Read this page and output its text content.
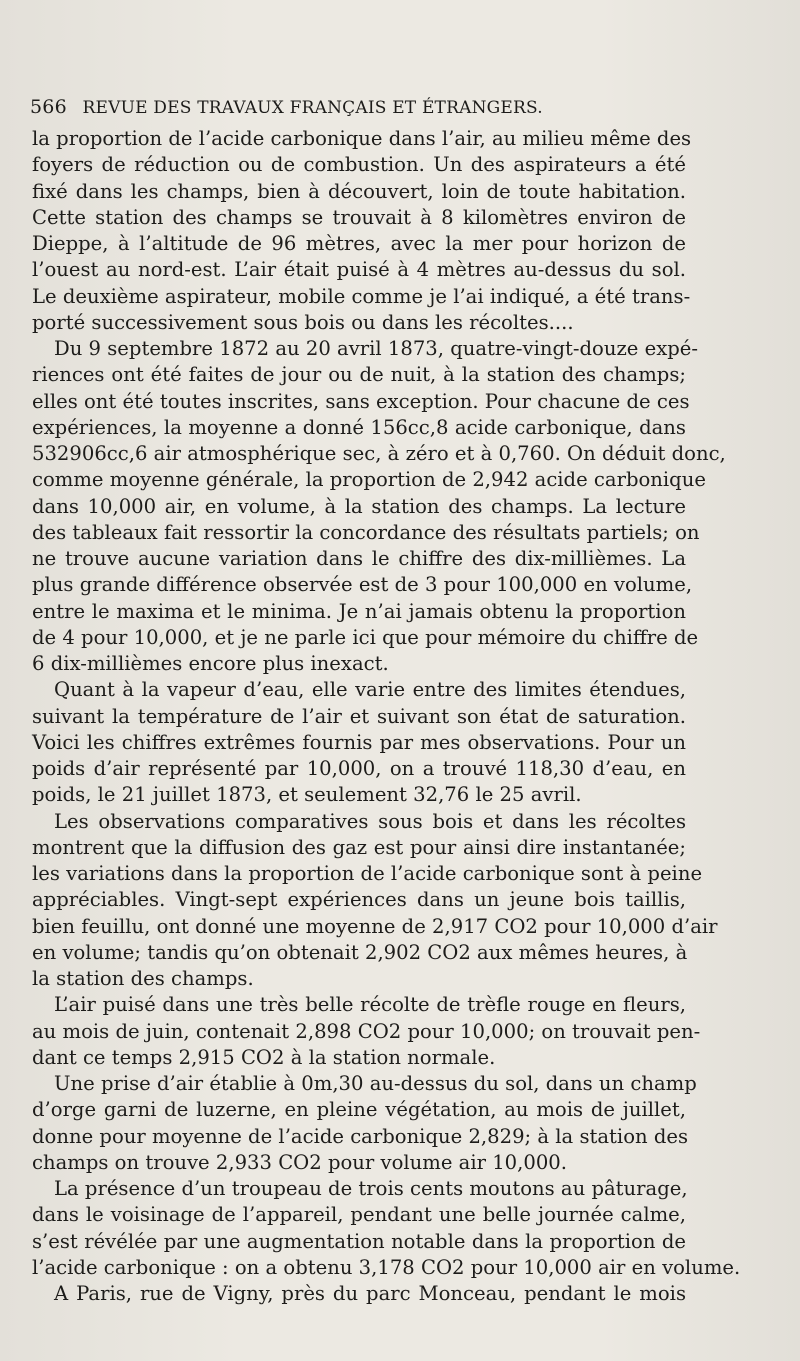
566 REVUE DES TRAVAUX FRANÇAIS ET ÉTRANGERS.
la proportion de l’acide carbonique dans l’air, au milieu même des
foyers de réduction ou de combustion. Un des aspirateurs a été
fixé dans les champs, bien à découvert, loin de toute habitation.
Cette station des champs se trouvait à 8 kilomètres environ de
Dieppe, à l’altitude de 96 mètres, avec la mer pour horizon de
l’ouest au nord-est. L’air était puisé à 4 mètres au-dessus du sol.
Le deuxième aspirateur, mobile comme je l’ai indiqué, a été trans-
porté successivement sous bois ou dans les récoltes....
Du 9 septembre 1872 au 20 avril 1873, quatre-vingt-douze expé-
riences ont été faites de jour ou de nuit, à la station des champs;
elles ont été toutes inscrites, sans exception. Pour chacune de ces
expériences, la moyenne a donné 156cc,8 acide carbonique, dans
532906cc,6 air atmosphérique sec, à zéro et à 0,760. On déduit donc,
comme moyenne générale, la proportion de 2,942 acide carbonique
dans 10,000 air, en volume, à la station des champs. La lecture
des tableaux fait ressortir la concordance des résultats partiels; on
ne trouve aucune variation dans le chiffre des dix-millièmes. La
plus grande différence observée est de 3 pour 100,000 en volume,
entre le maxima et le minima. Je n’ai jamais obtenu la proportion
de 4 pour 10,000, et je ne parle ici que pour mémoire du chiffre de
6 dix-millièmes encore plus inexact.
Quant à la vapeur d’eau, elle varie entre des limites étendues,
suivant la température de l’air et suivant son état de saturation.
Voici les chiffres extrêmes fournis par mes observations. Pour un
poids d’air représenté par 10,000, on a trouvé 118,30 d’eau, en
poids, le 21 juillet 1873, et seulement 32,76 le 25 avril.
Les observations comparatives sous bois et dans les récoltes
montrent que la diffusion des gaz est pour ainsi dire instantanée;
les variations dans la proportion de l’acide carbonique sont à peine
appréciables. Vingt-sept expériences dans un jeune bois taillis,
bien feuillu, ont donné une moyenne de 2,917 CO2 pour 10,000 d’air
en volume; tandis qu’on obtenait 2,902 CO2 aux mêmes heures, à
la station des champs.
L’air puisé dans une très belle récolte de trèfle rouge en fleurs,
au mois de juin, contenait 2,898 CO2 pour 10,000; on trouvait pen-
dant ce temps 2,915 CO2 à la station normale.
Une prise d’air établie à 0m,30 au-dessus du sol, dans un champ
d’orge garni de luzerne, en pleine végétation, au mois de juillet,
donne pour moyenne de l’acide carbonique 2,829; à la station des
champs on trouve 2,933 CO2 pour volume air 10,000.
La présence d’un troupeau de trois cents moutons au pâturage,
dans le voisinage de l’appareil, pendant une belle journée calme,
s’est révélée par une augmentation notable dans la proportion de
l’acide carbonique : on a obtenu 3,178 CO2 pour 10,000 air en volume.
A Paris, rue de Vigny, près du parc Monceau, pendant le mois
